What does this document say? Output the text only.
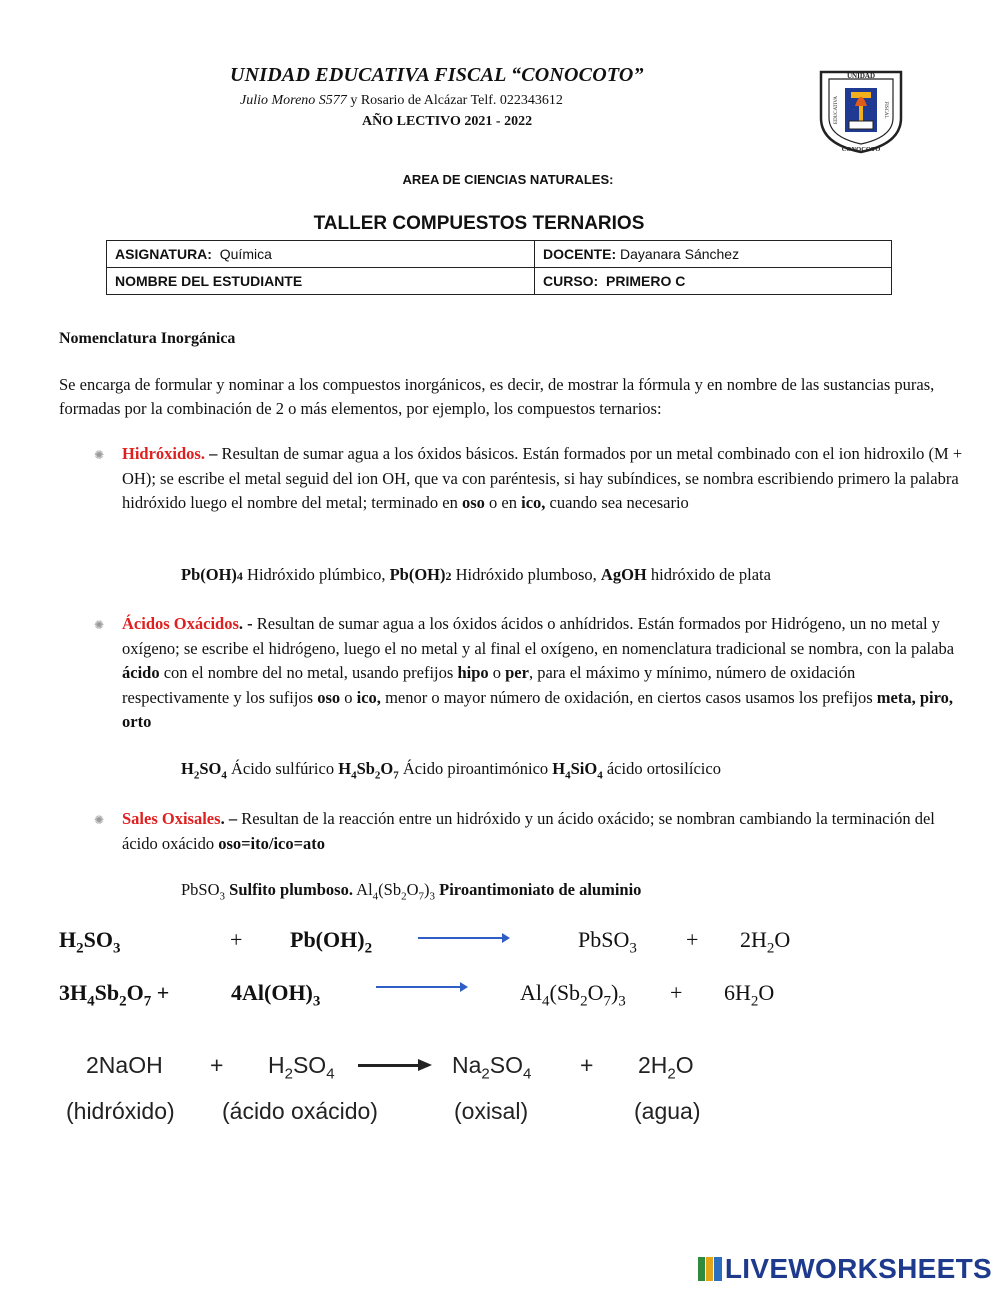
UNIDAD EDUCATIVA FISCAL “CONOCOTO”
Julio Moreno S577 y Rosario de Alcázar Telf. 022343612
AÑO LECTIVO 2021 - 2022
UNIDAD
CONOCOTO
EDUCATIVA	FISCAL
AREA DE CIENCIAS NATURALES:
TALLER COMPUESTOS TERNARIOS
ASIGNATURA: Química	DOCENTE: Dayanara Sánchez
NOMBRE DEL ESTUDIANTE	CURSO: PRIMERO C
Nomenclatura Inorgánica
Se encarga de formular y nominar a los compuestos inorgánicos, es decir, de mostrar la fórmula y en nombre de las sustancias puras, formadas por la combinación de 2 o más elementos, por ejemplo, los compuestos ternarios:
✺ Hidróxidos. – Resultan de sumar agua a los óxidos básicos. Están formados por un metal combinado con el ion hidroxilo (M + OH); se escribe el metal seguid del ion OH, que va con paréntesis, si hay subíndices, se nombra escribiendo primero la palabra hidróxido luego el nombre del metal; terminado en oso o en ico, cuando sea necesario
Pb(OH)4 Hidróxido plúmbico, Pb(OH)2 Hidróxido plumboso, AgOH hidróxido de plata
✺ Ácidos Oxácidos. - Resultan de sumar agua a los óxidos ácidos o anhídridos. Están formados por Hidrógeno, un no metal y oxígeno; se escribe el hidrógeno, luego el no metal y al final el oxígeno, en nomenclatura tradicional se nombra, con la palaba ácido con el nombre del no metal, usando prefijos hipo o per, para el máximo y mínimo, número de oxidación respectivamente y los sufijos oso o ico, menor o mayor número de oxidación, en ciertos casos usamos los prefijos meta, piro, orto
$H_2SO_4$ Ácido sulfúrico $H_4Sb_2O_7$ Ácido piroantimónico $H_4SiO_4$ ácido ortosilícico
✺ Sales Oxisales. – Resultan de la reacción entre un hidróxido y un ácido oxácido; se nombran cambiando la terminación del ácido oxácido oso=ito/ico=ato
PbSO$_3$ Sulfito plumboso. $Al_4(Sb_2O_7)_3$ Piroantimoniato de aluminio
$H_2SO_3$	+ $Pb(OH)_2$	PbSO$_3$ + $2H_2O$
$3H_4Sb_2O_7$ +	$4Al(OH)_3$	$Al_4(Sb_2O_7)_3 + 6H_2O$
2NaOH + $H_2SO_4$	$Na_2SO_4 + 2H_2O$
(hidróxido) (ácido oxácido)	(oxisal)	(agua)
LIVEWORKSHEETS
